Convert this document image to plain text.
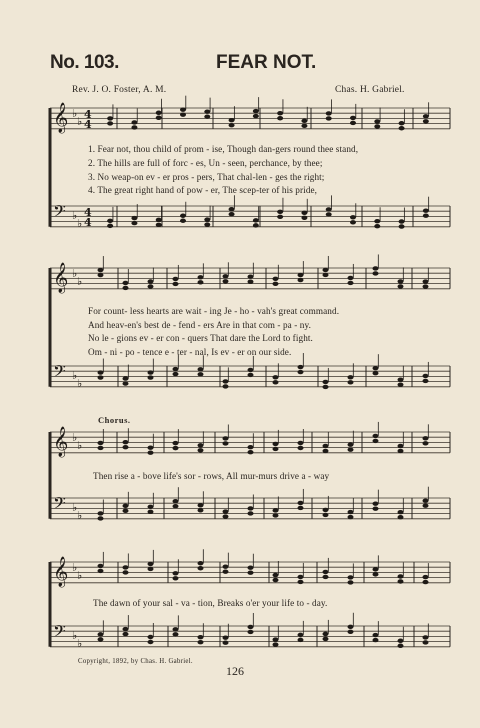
No. 103.	FEAR NOT.
Rev. J. O. Foster, A. M.	Chas. H. Gabriel.
𝄞 ♭
♭
4
4
𝄢 ♭
♭
4
4
𝄞 ♭
♭
𝄢 ♭
♭
𝄞 ♭
♭
𝄢 ♭
♭
𝄞 ♭
♭
𝄢 ♭
♭
1. Fear not, thou child of prom - ise, Though dan-gers round thee stand,
2. The hills are full of forc - es, Un - seen, perchance, by thee;
3. No weap-on ev - er pros - pers, That chal-len - ges the right;
4. The great right hand of pow - er, The scep-ter of his pride,
For count- less hearts are wait - ing Je - ho - vah's great command.
And heav-en's best de - fend - ers Are in that com - pa - ny.
No le - gions ev - er con - quers That dare the Lord to fight.
Om - ni - po - tence e - ter - nal, Is ev - er on our side.
Chorus.
Then rise a - bove life's sor - rows, All mur-murs drive a - way
The dawn of your sal - va - tion, Breaks o'er your life to - day.
Copyright, 1892, by Chas. H. Gabriel.
126
